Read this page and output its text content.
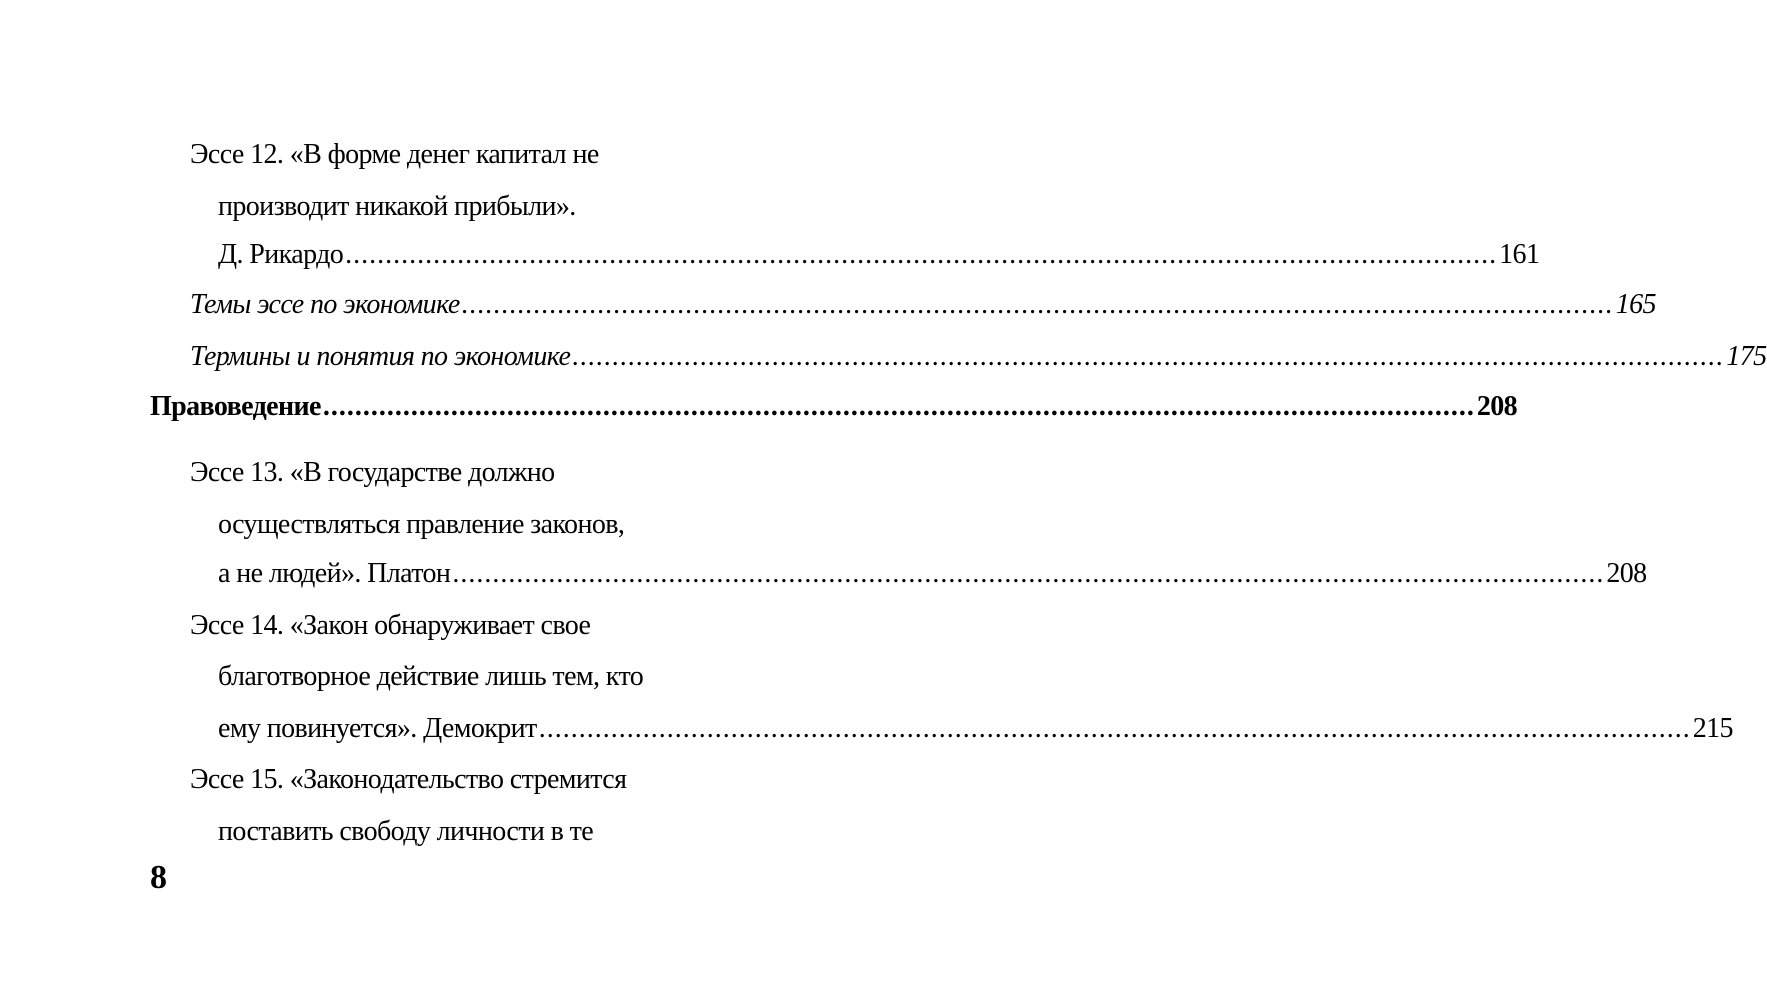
Эссе 12. «В форме денег капитал не
производит никакой прибыли».
Д. Рикардо ................................................................................................................................................ 161
Темы эссе по экономике ................................................................................................................................................ 165
Термины и понятия по экономике ................................................................................................................................................ 175
Правоведение ................................................................................................................................................ 208
Эссе 13. «В государстве должно
осуществляться правление законов,
а не людей». Платон ................................................................................................................................................ 208
Эссе 14. «Закон обнаруживает свое
благотворное действие лишь тем, кто
ему повинуется». Демокрит ................................................................................................................................................ 215
Эссе 15. «Законодательство стремится
поставить свободу личности в те
8
